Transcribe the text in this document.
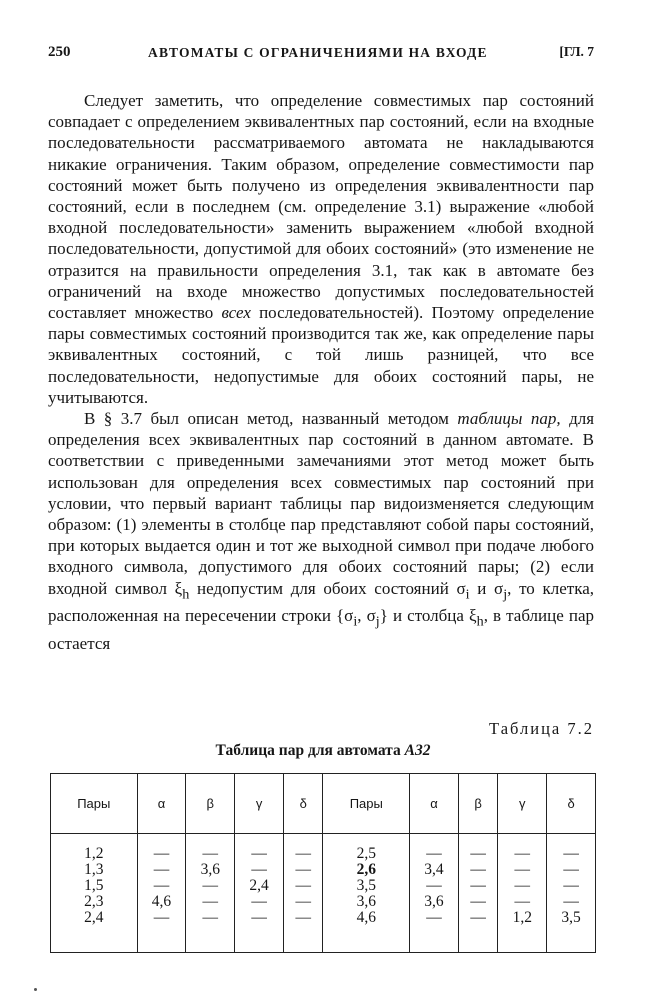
250	АВТОМАТЫ С ОГРАНИЧЕНИЯМИ НА ВХОДЕ	[ГЛ. 7

Следует заметить, что определение совместимых пар состояний совпадает с определением эквивалентных пар состояний, если на входные последовательности рассматриваемого автомата не накладываются никакие ограничения. Таким образом, определение совместимости пар состояний может быть получено из определения эквивалентности пар состояний, если в последнем (см. определение 3.1) выражение «любой входной последовательности» заменить выражением «любой входной последовательности, допустимой для обоих состояний» (это изменение не отразится на правильности определения 3.1, так как в автомате без ограничений на входе множество допустимых последовательностей составляет множество всех последовательностей). Поэтому определение пары совместимых состояний производится так же, как определение пары эквивалентных состояний, с той лишь разницей, что все последовательности, недопустимые для обоих состояний пары, не учитываются.

В § 3.7 был описан метод, названный методом таблицы пар, для определения всех эквивалентных пар состояний в данном автомате. В соответствии с приведенными замечаниями этот метод может быть использован для определения всех совместимых пар состояний при условии, что первый вариант таблицы пар видоизменяется следующим образом: (1) элементы в столбце пар представляют собой пары состояний, при которых выдается один и тот же выходной символ при подаче любого входного символа, допустимого для обоих состояний пары; (2) если входной символ $\xi_h$ недопустим для обоих состояний $\sigma_i$ и $\sigma_j$, то клетка, расположенная на пересечении строки {$\sigma_i$, $\sigma_j$} и столбца $\xi_h$, в таблице пар остается

Таблица 7.2
Таблица пар для автомата А32
Пары	α	β	γ	δ	Пары	α	β	γ	δ

1,2	—	—	—	—	2,5	—	—	—	—
1,3	—	3,6	—	—	2,6	3,4	—	—	—
1,5	—	—	2,4	—	3,5	—	—	—	—
2,3	4,6	—	—	—	3,6	3,6	—	—	—
2,4	—	—	—	—	4,6	—	—	1,2	3,5
